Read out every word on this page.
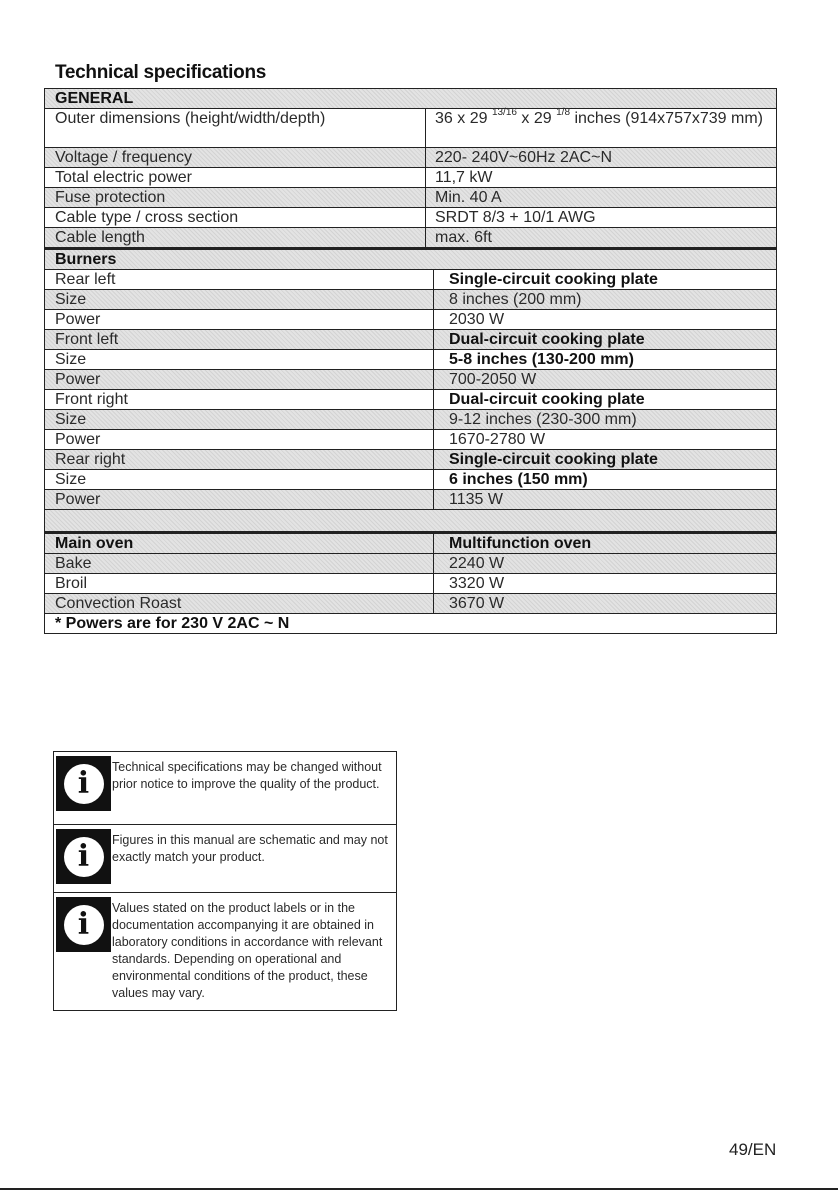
Technical specifications
GENERAL
Outer dimensions (height/width/depth)	36 x 29 $^{13/16}$ x 29 $^{1/8}$ inches (914x757x739 mm)
Voltage / frequency	220- 240V~60Hz 2AC~N
Total electric power	11,7 kW
Fuse protection	Min. 40 A
Cable type / cross section	SRDT 8/3 + 10/1 AWG
Cable length	max. 6ft
Burners
Rear left	Single-circuit cooking plate
Size	8 inches (200 mm)
Power	2030 W
Front left	Dual-circuit cooking plate
Size	5-8 inches (130-200 mm)
Power	700-2050 W
Front right	Dual-circuit cooking plate
Size	9-12 inches (230-300 mm)
Power	1670-2780 W
Rear right	Single-circuit cooking plate
Size	6 inches (150 mm)
Power	1135 W
Main oven	Multifunction oven
Bake	2240 W
Broil	3320 W
Convection Roast	3670 W
* Powers are for 230 V 2AC ~ N
i	Technical specifications may be changed without prior notice to improve the quality of the product.
i	Figures in this manual are schematic and may not exactly match your product.
i	Values stated on the product labels or in the documentation accompanying it are obtained in laboratory conditions in accordance with relevant standards. Depending on operational and environmental conditions of the product, these values may vary.
49/EN
